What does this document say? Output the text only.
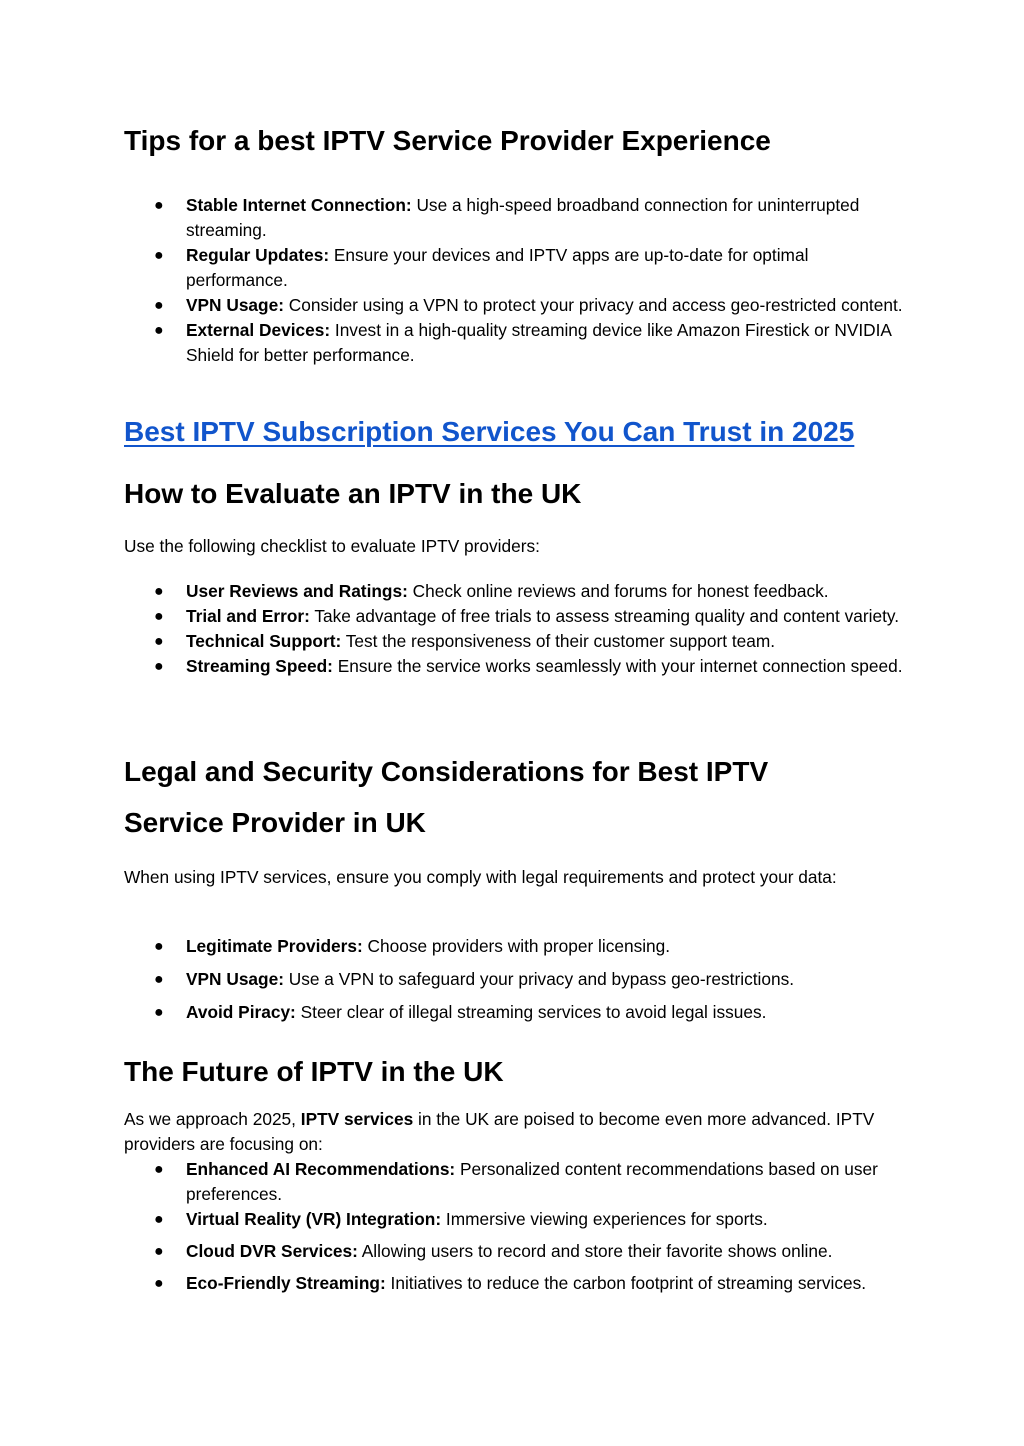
Tips for a best IPTV Service Provider Experience
● Stable Internet Connection: Use a high-speed broadband connection for uninterrupted streaming.
● Regular Updates: Ensure your devices and IPTV apps are up-to-date for optimal performance.
● VPN Usage: Consider using a VPN to protect your privacy and access geo-restricted content.
● External Devices: Invest in a high-quality streaming device like Amazon Firestick or NVIDIA Shield for better performance.
Best IPTV Subscription Services You Can Trust in 2025
How to Evaluate an IPTV in the UK

Use the following checklist to evaluate IPTV providers:

● User Reviews and Ratings: Check online reviews and forums for honest feedback.
● Trial and Error: Take advantage of free trials to assess streaming quality and content variety.
● Technical Support: Test the responsiveness of their customer support team.
● Streaming Speed: Ensure the service works seamlessly with your internet connection speed.
Legal and Security Considerations for Best IPTV
Service Provider in UK

When using IPTV services, ensure you comply with legal requirements and protect your data:

● Legitimate Providers: Choose providers with proper licensing.
● VPN Usage: Use a VPN to safeguard your privacy and bypass geo-restrictions.
● Avoid Piracy: Steer clear of illegal streaming services to avoid legal issues.
The Future of IPTV in the UK

As we approach 2025, IPTV services in the UK are poised to become even more advanced. IPTV providers are focusing on:

● Enhanced AI Recommendations: Personalized content recommendations based on user preferences.
● Virtual Reality (VR) Integration: Immersive viewing experiences for sports.
● Cloud DVR Services: Allowing users to record and store their favorite shows online.
● Eco-Friendly Streaming: Initiatives to reduce the carbon footprint of streaming services.
